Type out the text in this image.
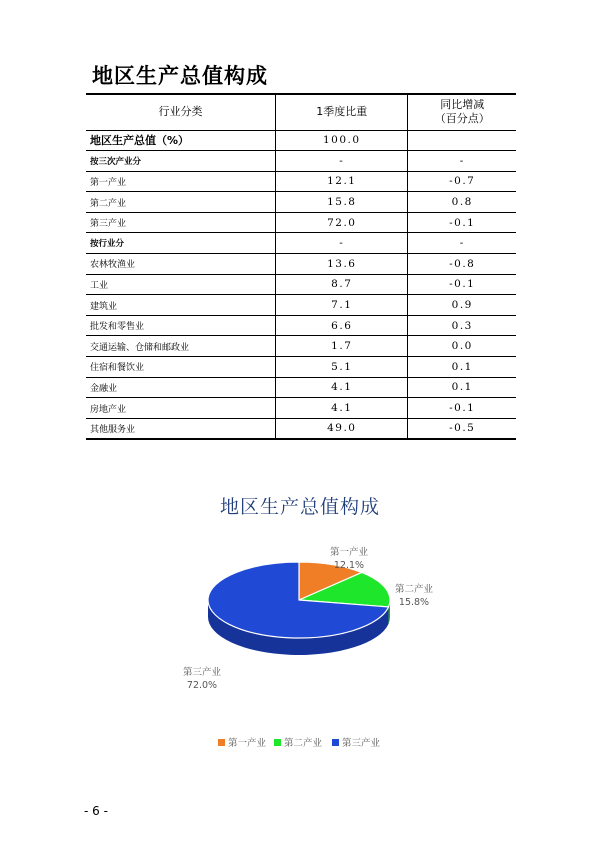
地区生产总值构成
行业分类	1季度比重	同比增减
（百分点）

地区生产总值（%）	100.0	
按三次产业分	-	-
第一产业	12.1	-0.7
第二产业	15.8	0.8
第三产业	72.0	-0.1
按行业分	-	-
农林牧渔业	13.6	-0.8
工业	8.7	-0.1
建筑业	7.1	0.9
批发和零售业	6.6	0.3
交通运输、仓储和邮政业	1.7	0.0
住宿和餐饮业	5.1	0.1
金融业	4.1	0.1
房地产业	4.1	-0.1
其他服务业	49.0	-0.5
地区生产总值构成
第一产业
12.1%
第二产业
15.8%
第三产业
72.0%
第一产业 第二产业 第三产业
- 6 -
